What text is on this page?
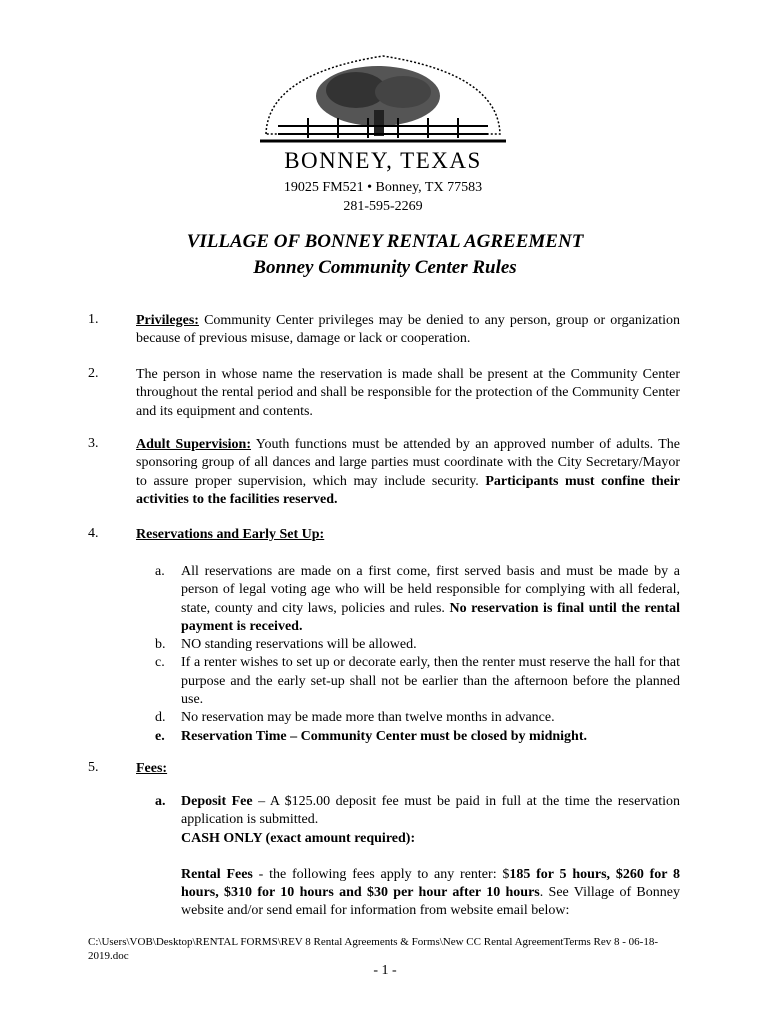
BONNEY, TEXAS
19025 FM521 • Bonney, TX 77583
281-595-2269
VILLAGE OF BONNEY RENTAL AGREEMENT
Bonney Community Center Rules
1.	Privileges: Community Center privileges may be denied to any person, group or organization because of previous misuse, damage or lack or cooperation.
2.	The person in whose name the reservation is made shall be present at the Community Center throughout the rental period and shall be responsible for the protection of the Community Center and its equipment and contents.
3.	Adult Supervision: Youth functions must be attended by an approved number of adults. The sponsoring group of all dances and large parties must coordinate with the City Secretary/Mayor to assure proper supervision, which may include security. Participants must confine their activities to the facilities reserved.
4.	Reservations and Early Set Up:
a.	All reservations are made on a first come, first served basis and must be made by a person of legal voting age who will be held responsible for complying with all federal, state, county and city laws, policies and rules. No reservation is final until the rental payment is received.
b.	NO standing reservations will be allowed.
c.	If a renter wishes to set up or decorate early, then the renter must reserve the hall for that purpose and the early set-up shall not be earlier than the afternoon before the planned use.
d.	No reservation may be made more than twelve months in advance.
e.	Reservation Time – Community Center must be closed by midnight.
5.	Fees:
a.	Deposit Fee – A $125.00 deposit fee must be paid in full at the time the reservation application is submitted.
CASH ONLY (exact amount required):
Rental Fees - the following fees apply to any renter: $185 for 5 hours, $260 for 8 hours, $310 for 10 hours and $30 per hour after 10 hours. See Village of Bonney website and/or send email for information from website email below:
C:\Users\VOB\Desktop\RENTAL FORMS\REV 8 Rental Agreements & Forms\New CC Rental AgreementTerms Rev 8 - 06-18-2019.doc
- 1 -
